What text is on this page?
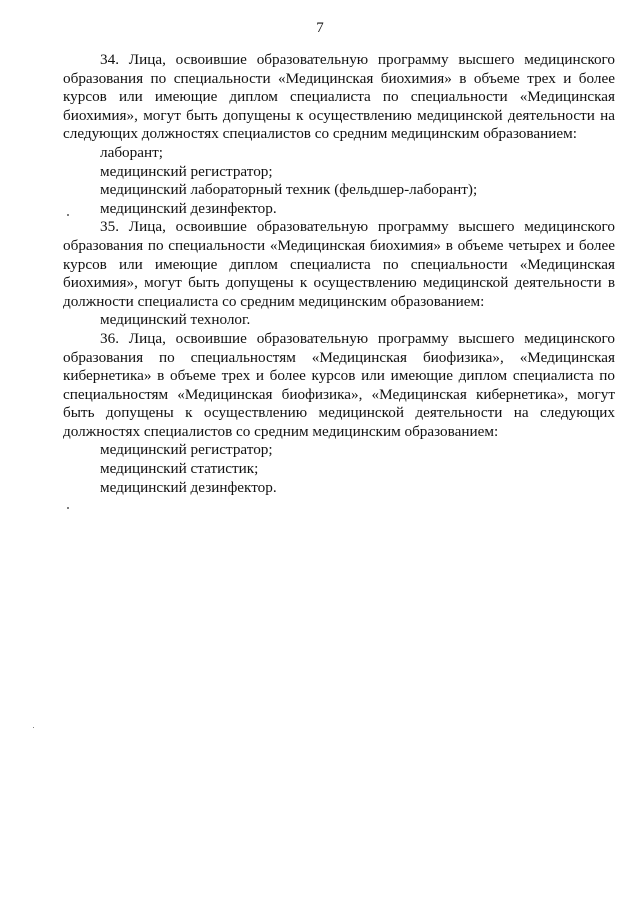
7

34. Лица, освоившие образовательную программу высшего медицинского образования по специальности «Медицинская биохимия» в объеме трех и более курсов или имеющие диплом специалиста по специальности «Медицинская биохимия», могут быть допущены к осуществлению медицинской деятельности на следующих должностях специалистов со средним медицинским образованием:

лаборант;

медицинский регистратор;

медицинский лабораторный техник (фельдшер-лаборант);

медицинский дезинфектор.

35. Лица, освоившие образовательную программу высшего медицинского образования по специальности «Медицинская биохимия» в объеме четырех и более курсов или имеющие диплом специалиста по специальности «Медицинская биохимия», могут быть допущены к осуществлению медицинской деятельности в должности специалиста со средним медицинским образованием:

медицинский технолог.

36. Лица, освоившие образовательную программу высшего медицинского образования по специальностям «Медицинская биофизика», «Медицинская кибернетика» в объеме трех и более курсов или имеющие диплом специалиста по специальностям «Медицинская биофизика», «Медицинская кибернетика», могут быть допущены к осуществлению медицинской деятельности на следующих должностях специалистов со средним медицинским образованием:

медицинский регистратор;

медицинский статистик;

медицинский дезинфектор.
